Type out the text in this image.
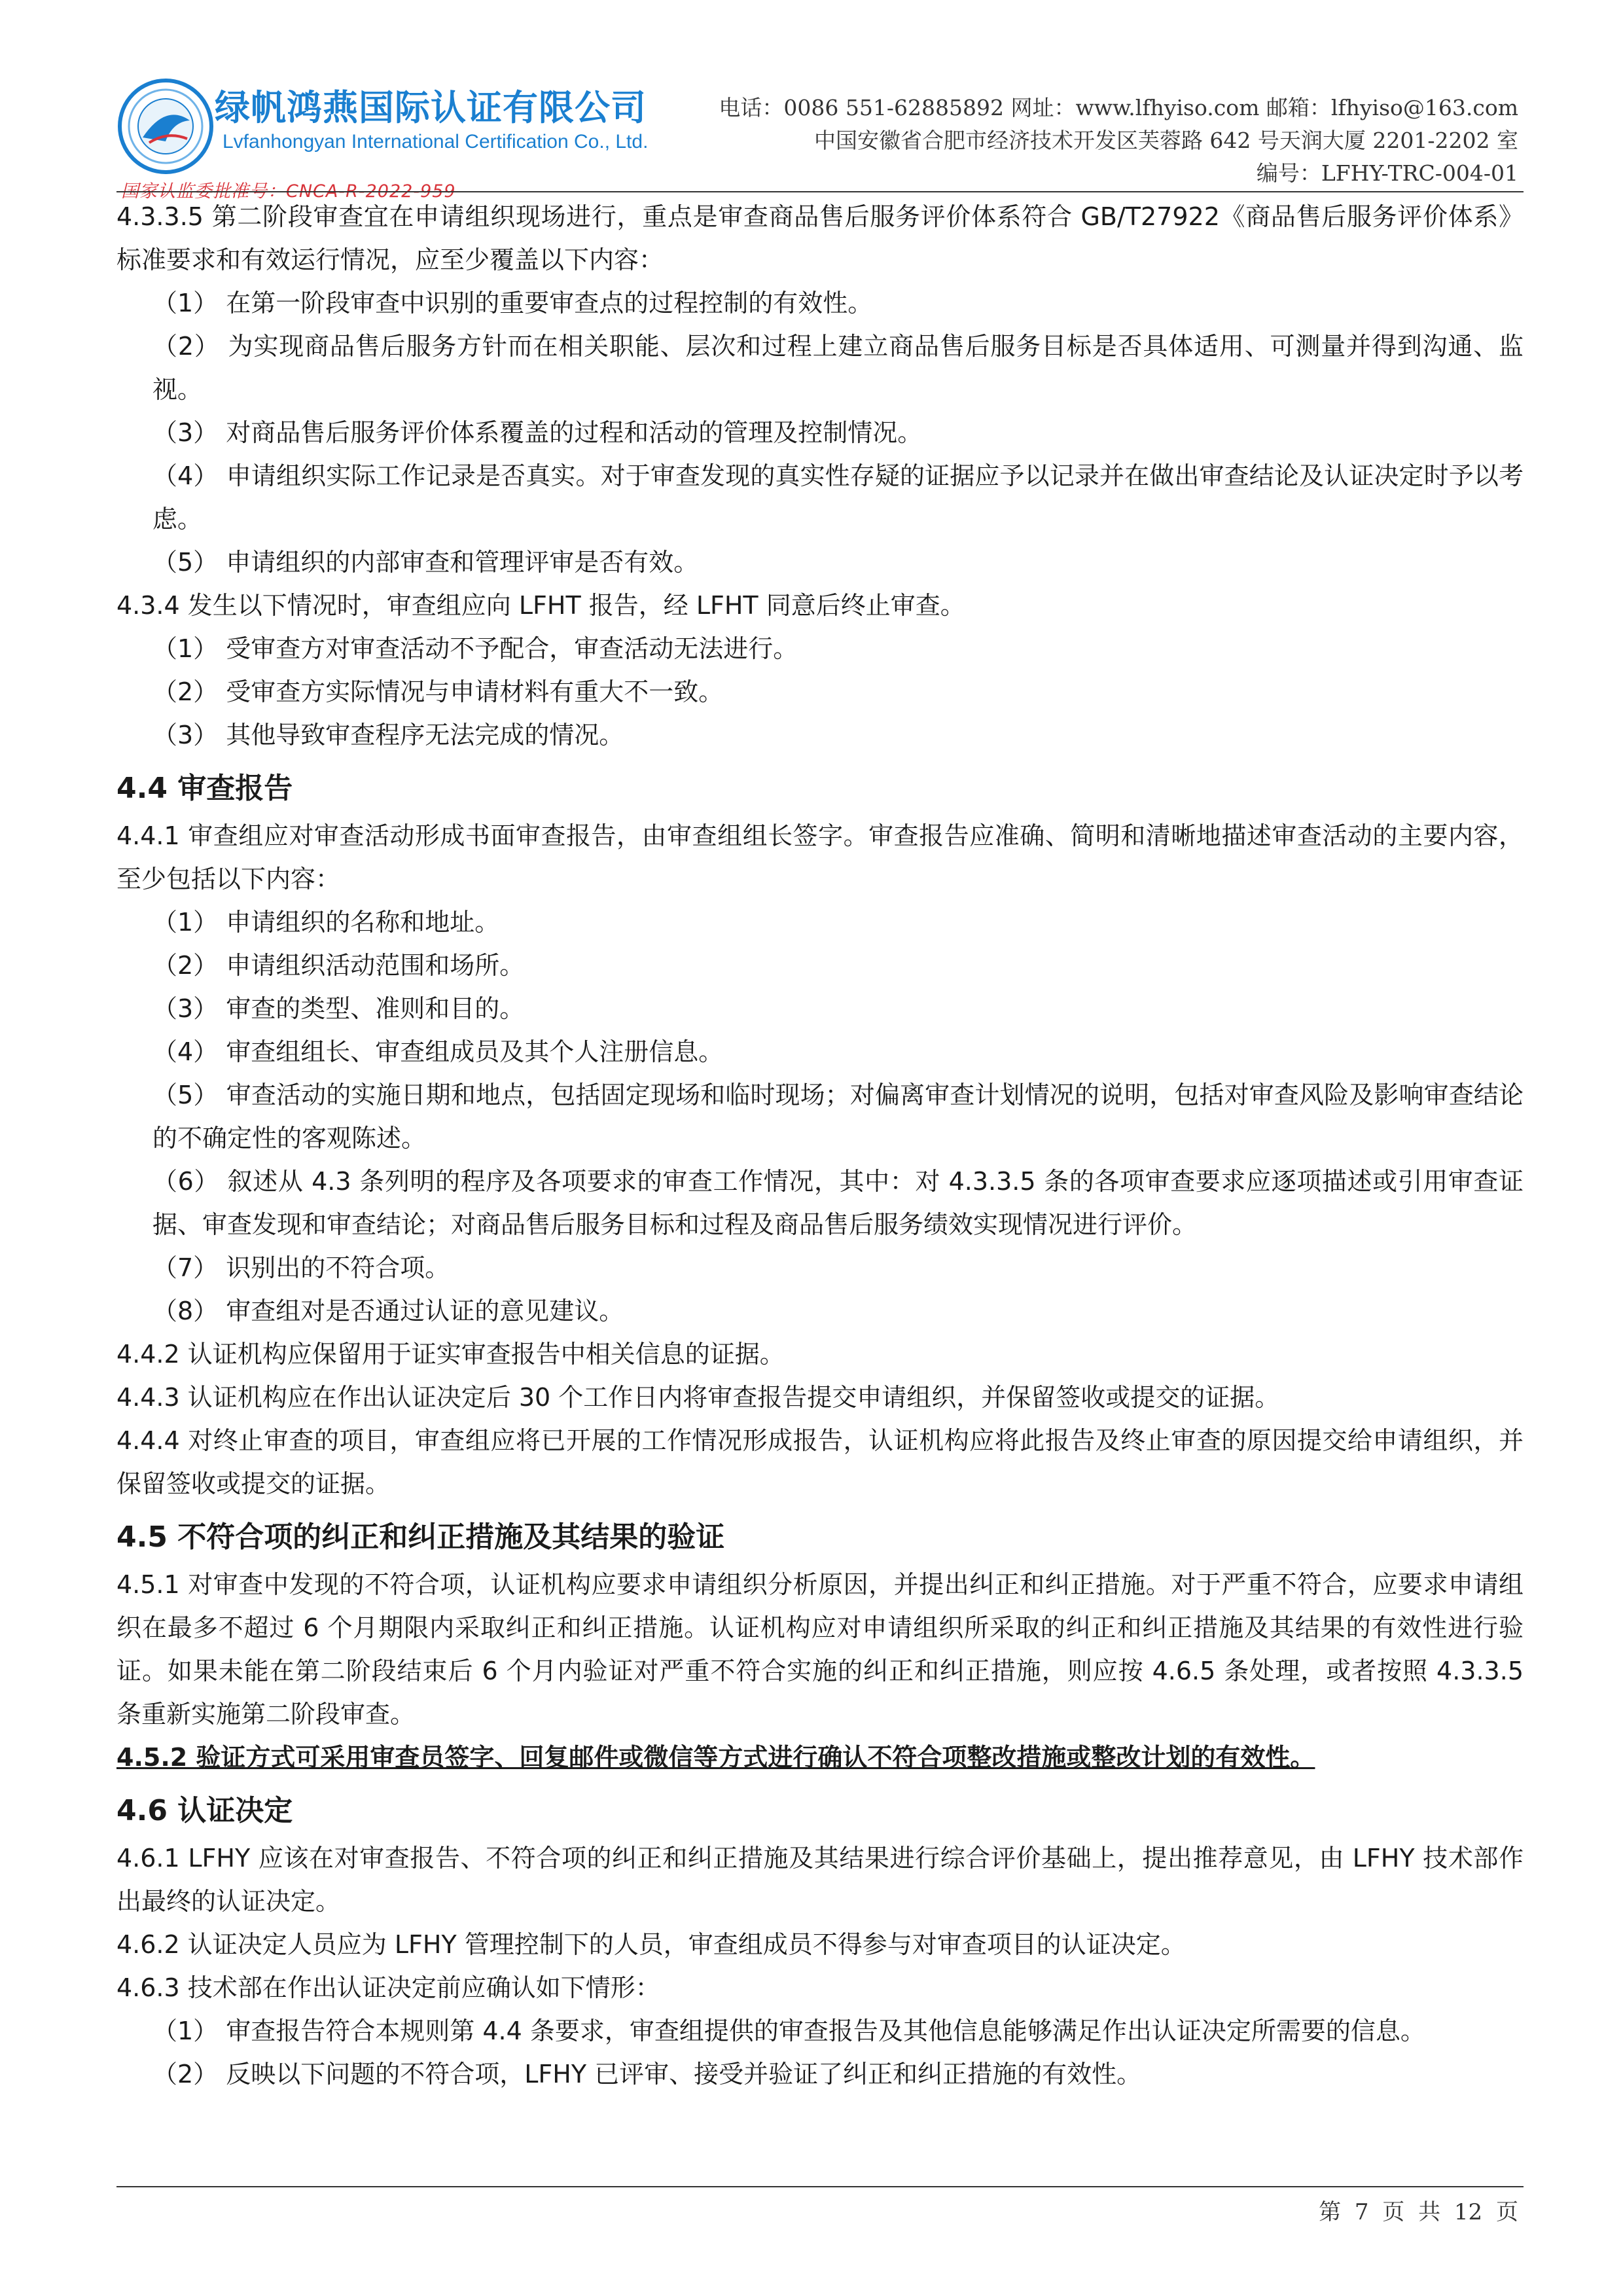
绿帆鸿燕国际认证有限公司
Lvfanhongyan International Certification Co., Ltd.
国家认监委批准号：CNCA-R-2022-959
电话：0086 551-62885892 网址：www.lfhyiso.com 邮箱：lfhyiso@163.com
中国安徽省合肥市经济技术开发区芙蓉路 642 号天润大厦 2201-2202 室
编号：LFHY-TRC-004-01

4.3.3.5 第二阶段审查宜在申请组织现场进行，重点是审查商品售后服务评价体系符合 GB/T27922《商品售后服务评价体系》标准要求和有效运行情况，应至少覆盖以下内容：

（1） 在第一阶段审查中识别的重要审查点的过程控制的有效性。

（2） 为实现商品售后服务方针而在相关职能、层次和过程上建立商品售后服务目标是否具体适用、可测量并得到沟通、监视。

（3） 对商品售后服务评价体系覆盖的过程和活动的管理及控制情况。

（4） 申请组织实际工作记录是否真实。对于审查发现的真实性存疑的证据应予以记录并在做出审查结论及认证决定时予以考虑。

（5） 申请组织的内部审查和管理评审是否有效。

4.3.4 发生以下情况时，审查组应向 LFHT 报告，经 LFHT 同意后终止审查。

（1） 受审查方对审查活动不予配合，审查活动无法进行。

（2） 受审查方实际情况与申请材料有重大不一致。

（3） 其他导致审查程序无法完成的情况。

4.4 审查报告

4.4.1 审查组应对审查活动形成书面审查报告，由审查组组长签字。审查报告应准确、简明和清晰地描述审查活动的主要内容，至少包括以下内容：

（1） 申请组织的名称和地址。

（2） 申请组织活动范围和场所。

（3） 审查的类型、准则和目的。

（4） 审查组组长、审查组成员及其个人注册信息。

（5） 审查活动的实施日期和地点，包括固定现场和临时现场；对偏离审查计划情况的说明，包括对审查风险及影响审查结论的不确定性的客观陈述。

（6） 叙述从 4.3 条列明的程序及各项要求的审查工作情况，其中：对 4.3.3.5 条的各项审查要求应逐项描述或引用审查证据、审查发现和审查结论；对商品售后服务目标和过程及商品售后服务绩效实现情况进行评价。

（7） 识别出的不符合项。

（8） 审查组对是否通过认证的意见建议。

4.4.2 认证机构应保留用于证实审查报告中相关信息的证据。

4.4.3 认证机构应在作出认证决定后 30 个工作日内将审查报告提交申请组织，并保留签收或提交的证据。

4.4.4 对终止审查的项目，审查组应将已开展的工作情况形成报告，认证机构应将此报告及终止审查的原因提交给申请组织，并保留签收或提交的证据。

4.5 不符合项的纠正和纠正措施及其结果的验证

4.5.1 对审查中发现的不符合项，认证机构应要求申请组织分析原因，并提出纠正和纠正措施。对于严重不符合，应要求申请组织在最多不超过 6 个月期限内采取纠正和纠正措施。认证机构应对申请组织所采取的纠正和纠正措施及其结果的有效性进行验证。如果未能在第二阶段结束后 6 个月内验证对严重不符合实施的纠正和纠正措施，则应按 4.6.5 条处理，或者按照 4.3.3.5 条重新实施第二阶段审查。

4.5.2 验证方式可采用审查员签字、回复邮件或微信等方式进行确认不符合项整改措施或整改计划的有效性。

4.6 认证决定

4.6.1 LFHY 应该在对审查报告、不符合项的纠正和纠正措施及其结果进行综合评价基础上，提出推荐意见，由 LFHY 技术部作出最终的认证决定。

4.6.2 认证决定人员应为 LFHY 管理控制下的人员，审查组成员不得参与对审查项目的认证决定。

4.6.3 技术部在作出认证决定前应确认如下情形：

（1） 审查报告符合本规则第 4.4 条要求，审查组提供的审查报告及其他信息能够满足作出认证决定所需要的信息。

（2） 反映以下问题的不符合项，LFHY 已评审、接受并验证了纠正和纠正措施的有效性。

第 7 页 共 12 页
